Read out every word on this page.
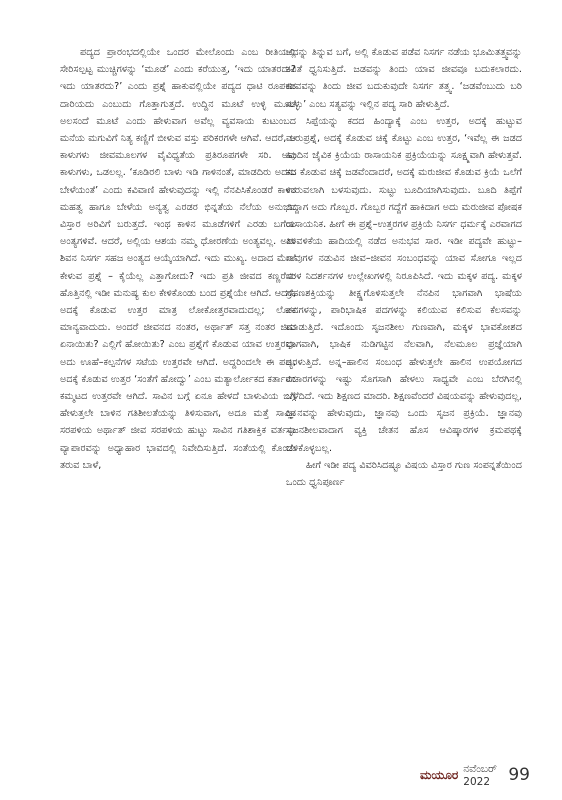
ಪದ್ಯದ ಪ್ರಾರಂಭದಲ್ಲಿಯೇ ಒಂದರ ಮೇಲೊಂದು ಎಂಬ ರೀತಿಯಲ್ಲಿ ಸೇರಿಸಲ್ಪಟ್ಟ ಮುಚ್ಚಿಗಳನ್ನು ‘ಮೂಡೆ’ ಎಂದು ಕರೆಯುತ್ತ, ‘ಇದು ಯಾತರದು? ಇದು ಯಾತರದು?’ ಎಂದು ಪ್ರಶ್ನೆ ಹಾಕುವಲ್ಲಿಯೇ ಪದ್ಯದ ಧಾಟಿ ರೂಪಕದ ದಾರಿಯದು ಎಂಬುದು ಗೊತ್ತಾಗುತ್ತದೆ. ಉದ್ದಿನ ಮೂಟೆ ಉಳ್ಳಿ ಮೂಟೆ ಅಲಸಂದೆ ಮೂಟೆ ಎಂದು ಹೇಳುವಾಗ ಅವೆಲ್ಲ ವ್ಯವಸಾಯ ಕುಟುಂಬದ ಮನೆಯ ಮಗುವಿಗೆ ನಿತ್ಯ ಕಣ್ಣಿಗೆ ಬೀಳುವ ವಸ್ತು ಪರಿಕರಗಳೇ ಆಗಿವೆ. ಆದರೆ, ಆ ಕಾಳುಗಳು ಜೀವಮೂಲಗಳ ವೈವಿಧ್ಯತೆಯ ಪ್ರತಿರೂಪಗಳೇ ಸರಿ. ಅವು ಕಾಳುಗಳು, ಒಡಲಲ್ಲ. ‘ಕೂಡಿರಲಿ ಬಾಳು ಇಡಿ ಗಾಳಿನಂತೆ, ಮಾಡದಿರು ಅದನು ಬೇಳೆಯಂತೆ’ ಎಂದು ಕವಿವಾಣಿ ಹೇಳುವುದನ್ನು ಇಲ್ಲಿ ನೆನಪಿಸಿಕೊಂಡರೆ ಕಾಳಿನ ಮಹತ್ವ ಹಾಗೂ ಬೇಳೆಯ ಅನ್ಯತ್ವ ಎರಡರ ಭಿನ್ನತೆಯ ನೆಲೆಯ ಅನುಭವ ವಿಸ್ತಾರ ಅರಿವಿಗೆ ಬರುತ್ತದೆ. ಇಂಥ ಕಾಳಿನ ಮೂಡೆಗಳಿಗೆ ಎರಡು ಬಗೆಯ ಅಂತ್ಯಗಳಿವೆ. ಆದರೆ, ಅಲ್ಲಿಯ ಆಶಯ ನಮ್ಮ ಧೋರಣೆಯ ಅಂತ್ಯವಲ್ಲ. ಅದು ಶಿವನ ನಿಸರ್ಗ ಸಹಜ ಅಂತ್ಯದ ಆಯ್ಕೆಯಾಗಿದೆ. ಇದು ಮುಖ್ಯ. ಅದಾದ ಮೇಲೆ ಕೇಳುವ ಪ್ರಶ್ನೆ – ಕೈಯೆಲ್ಲ ಎತ್ತಾಗೋದು? ಇದು ಪ್ರತಿ ಜೀವದ ಕಣ್ಣರೆಯ ಹೊತ್ತಿನಲ್ಲಿ ಇಡೀ ಮನುಷ್ಯ ಕುಲ ಕೇಳಿಕೊಂಡು ಬಂದ ಪ್ರಶ್ನೆಯೇ ಆಗಿದೆ. ಆದರೆ, ಅದಕ್ಕೆ ಕೊಡುವ ಉತ್ತರ ಮಾತ್ರ ಲೋಕೋತ್ತರವಾದುದಲ್ಲ; ಲೋಕ ಮಾನ್ಯವಾದುದು. ಅಂದರೆ ಜೀವನದ ನಂತರ, ಅರ್ಥಾತ್ ಸತ್ತ ನಂತರ ಜೀವ ಏನಾಯಿತು? ಎಲ್ಲಿಗೆ ಹೋಯಿತು? ಎಂಬ ಪ್ರಶ್ನೆಗೆ ಕೊಡುವ ಯಾವ ಉತ್ತರವೂ ಅದು ಊಹೆ–ಕಲ್ಪನೆಗಳ ಸಟೆಯ ಉತ್ತರವೇ ಆಗಿದೆ. ಅದ್ದರಿಂದಲೇ ಈ ಪದ್ಯ, ಅದಕ್ಕೆ ಕೊಡುವ ಉತ್ತರ ‘ಸಂತೆಗೆ ಹೋದ್ವು’ ಎಂಬ ಮತ್ಯಾರ್ಲೋಕದ ಕರ್ತಾರನ ಕಮ್ಮಟದ ಉತ್ತರವೇ ಆಗಿದೆ. ಸಾವಿನ ಬಗ್ಗೆ ಏನೂ ಹೇಳದೆ ಬಾಳುವಿಯ ಬಗ್ಗೆ ಹೇಳುತ್ತಲೇ ಬಾಳಿನ ಗತಿಶೀಲತೆಯನ್ನು ತಿಳಿಸುವಾಗ, ಅದೂ ಮತ್ತೆ ಸಾವಿನ ಸರಪಳಿಯ ಅರ್ಥಾತ್ ಜೀವ ಸರಪಳಿಯ ಹುಟ್ಟು ಸಾವಿನ ಗತಿಶಾಕ್ತಿಕ ವರ್ತನಾ ವ್ಯಾಪಾರವನ್ನು ಅಧ್ಯಾಹಾರ ಭಾವದಲ್ಲಿ ನಿವೇದಿಸುತ್ತಿದೆ. ಸಂತೆಯಲ್ಲಿ ಕೊಂಡು ತರುವ ಬಾಳೆ,

ಅದನ್ನು ತಿನ್ನುವ ಬಗೆ, ಅಲ್ಲಿ ಕೊಡುವ ಪಡೆವ ನಿಸರ್ಗ ನಡೆಯ ಭೂಮಿತತ್ತ್ವವನ್ನು ಕವಿತೆ ಧ್ವನಿಸುತ್ತಿದೆ. ಜಡವನ್ನು ತಿಂದು ಯಾವ ಜೀವವೂ ಬದುಕಲಾರದು. ಜೀವವನ್ನು ತಿಂದು ಜೀವ ಬದುಕುವುದೇ ನಿಸರ್ಗ ತತ್ತ್ವ. ‘ಜಡವೆಂಬುದು ಬರಿ ಸುಳ್ಳು’ ಎಂಬ ಸತ್ಯವನ್ನು ಇಲ್ಲಿನ ಪದ್ಯ ಸಾರಿ ಹೇಳುತ್ತಿದೆ.

ಸಿಪ್ಪೆಯನ್ನು ಕದದ ಹಿಂದ್ಯಾಕ್ಕೆ ಎಂಬ ಉತ್ತರ, ಅದಕ್ಕೆ ಹುಟ್ಟುವ ಮರುಪ್ರಶ್ನೆ, ಅದಕ್ಕೆ ಕೊಡುವ ಚಿಕ್ಕೆ ಕೊಟ್ಟು ಎಂಬ ಉತ್ತರ, ‘ಇವೆಲ್ಲ ಈ ಜಡದ ಹಿಂದಿನ ಜೈವಿಕ ಕ್ರಿಯೆಯ ರಾಸಾಯನಿಕ ಪ್ರಕ್ರಿಯೆಯನ್ನು ಸೂಕ್ಷ್ಮವಾಗಿ ಹೇಳುತ್ತವೆ. ಕದ ಕೊಡುವ ಚಿಕ್ಕೆ ಜಡವೆಂದಾದರೆ, ಅದಕ್ಕೆ ಮರುಜೀವ ಕೊಡುವ ಕ್ರಿಯೆ ಒಲೆಗೆ ಉರುವಲಾಗಿ ಬಳಸುವುದು. ಸುಟ್ಟು ಬೂದಿಯಾಗಿಸುವುದು. ಬೂದಿ ತಿಪ್ಪೆಗೆ ಬಿದ್ದಾಗ ಅದು ಗೊಬ್ಬರ. ಗೊಬ್ಬರ ಗದ್ದೆಗೆ ಹಾಕಿದಾಗ ಅದು ಮರುಜೀವ ಪೋಷಕ ರಾಸಾಯನಿಕ. ಹೀಗೆ ಈ ಪ್ರಶ್ನೆ–ಉತ್ತರಗಳ ಪ್ರಕ್ರಿಯೆ ನಿಸರ್ಗ ಧರ್ಮಕ್ಕೆ ಎರವಾಗದ ತಿಳಿವಳಿಕೆಯ ಹಾದಿಯಲ್ಲಿ ನಡೆದ ಅನುಭವ ಸಾರ. ಇಡೀ ಪದ್ಯವೇ ಹುಟ್ಟು–ಸಾವುಗಳ ನಡುವಿನ ಜೀವ–ಜೀವನ ಸಂಬಂಧವನ್ನು ಯಾವ ಸೋಗೂ ಇಲ್ಲದ ಸರಳ ನಿದರ್ಶನಗಳ ಉಲ್ಲೇಖಗಳಲ್ಲಿ ನಿರೂಪಿಸಿದೆ. ಇದು ಮಕ್ಕಳ ಪದ್ಯ. ಮಕ್ಕಳ ಗ್ರಹಣಶಕ್ತಿಯನ್ನು ತೀಕ್ಷ್ಣಗೊಳಿಸುತ್ತಲೇ ನೆನಪಿನ ಭಾಗವಾಗಿ ಭಾಷೆಯ ಪದಗಳನ್ನು, ಪಾರಿಭಾಷಿಕ ಪದಗಳನ್ನು ಕಲಿಯುವ ಕಲಿಸುವ ಕೆಲಸವನ್ನು ಮಾಡುತ್ತಿದೆ. ಇದೊಂದು ಸೃಜನಶೀಲ ಗುಣವಾಗಿ, ಮಕ್ಕಳ ಭಾವಕೋಶದ ಭಾಗವಾಗಿ, ಭಾಷಿಕ ನುಡಿಗಟ್ಟಿನ ನೆಲವಾಗಿ, ನೆಲಮೂಲ ಪ್ರಜ್ಞೆಯಾಗಿ ಅರಳುತ್ತಿದೆ. ಅನ್ನ–ಹಾಲಿನ ಸಂಬಂಧ ಹೇಳುತ್ತಲೇ ಹಾಲಿನ ಉಪಯೋಗದ ವಿಚಾರಗಳನ್ನು ಇಷ್ಟು ಸೊಗಸಾಗಿ ಹೇಳಲು ಸಾಧ್ಯವೇ ಎಂಬ ಬೆರಗಿನಲ್ಲಿ ಬೆಳೆದಿದೆ. ಇದು ಶಿಕ್ಷಣದ ಮಾದರಿ. ಶಿಕ್ಷಣವೆಂದರೆ ವಿಷಯವನ್ನು ಹೇಳುವುದಲ್ಲ, ಜ್ಞಾನವನ್ನು ಹೇಳುವುದು, ಜ್ಞಾನವು ಒಂದು ಸೃಜನ ಪ್ರಕ್ರಿಯೆ. ಜ್ಞಾನವು ಸೃಜನಶೀಲವಾದಾಗ ವ್ಯಕ್ತಿ ಚೇತನ ಹೊಸ ಆವಿಷ್ಕಾರಗಳ ಕ್ರಮಪಥಕ್ಕೆ ಬೆಳಿಕೊಳ್ಳಬಲ್ಲ.

ಹೀಗೆ ಇಡೀ ಪದ್ಯ ವಿವರಿಸಿದಷ್ಟೂ ವಿಷಯ ವಿಸ್ತಾರ ಗುಣ ಸಂಪನ್ನತೆಯಿಂದ ಒಂದು ಧ್ವನಿಪೂರ್ಣ

ಮಯೂರ ನವೆಂಬರ್ 2022	99
